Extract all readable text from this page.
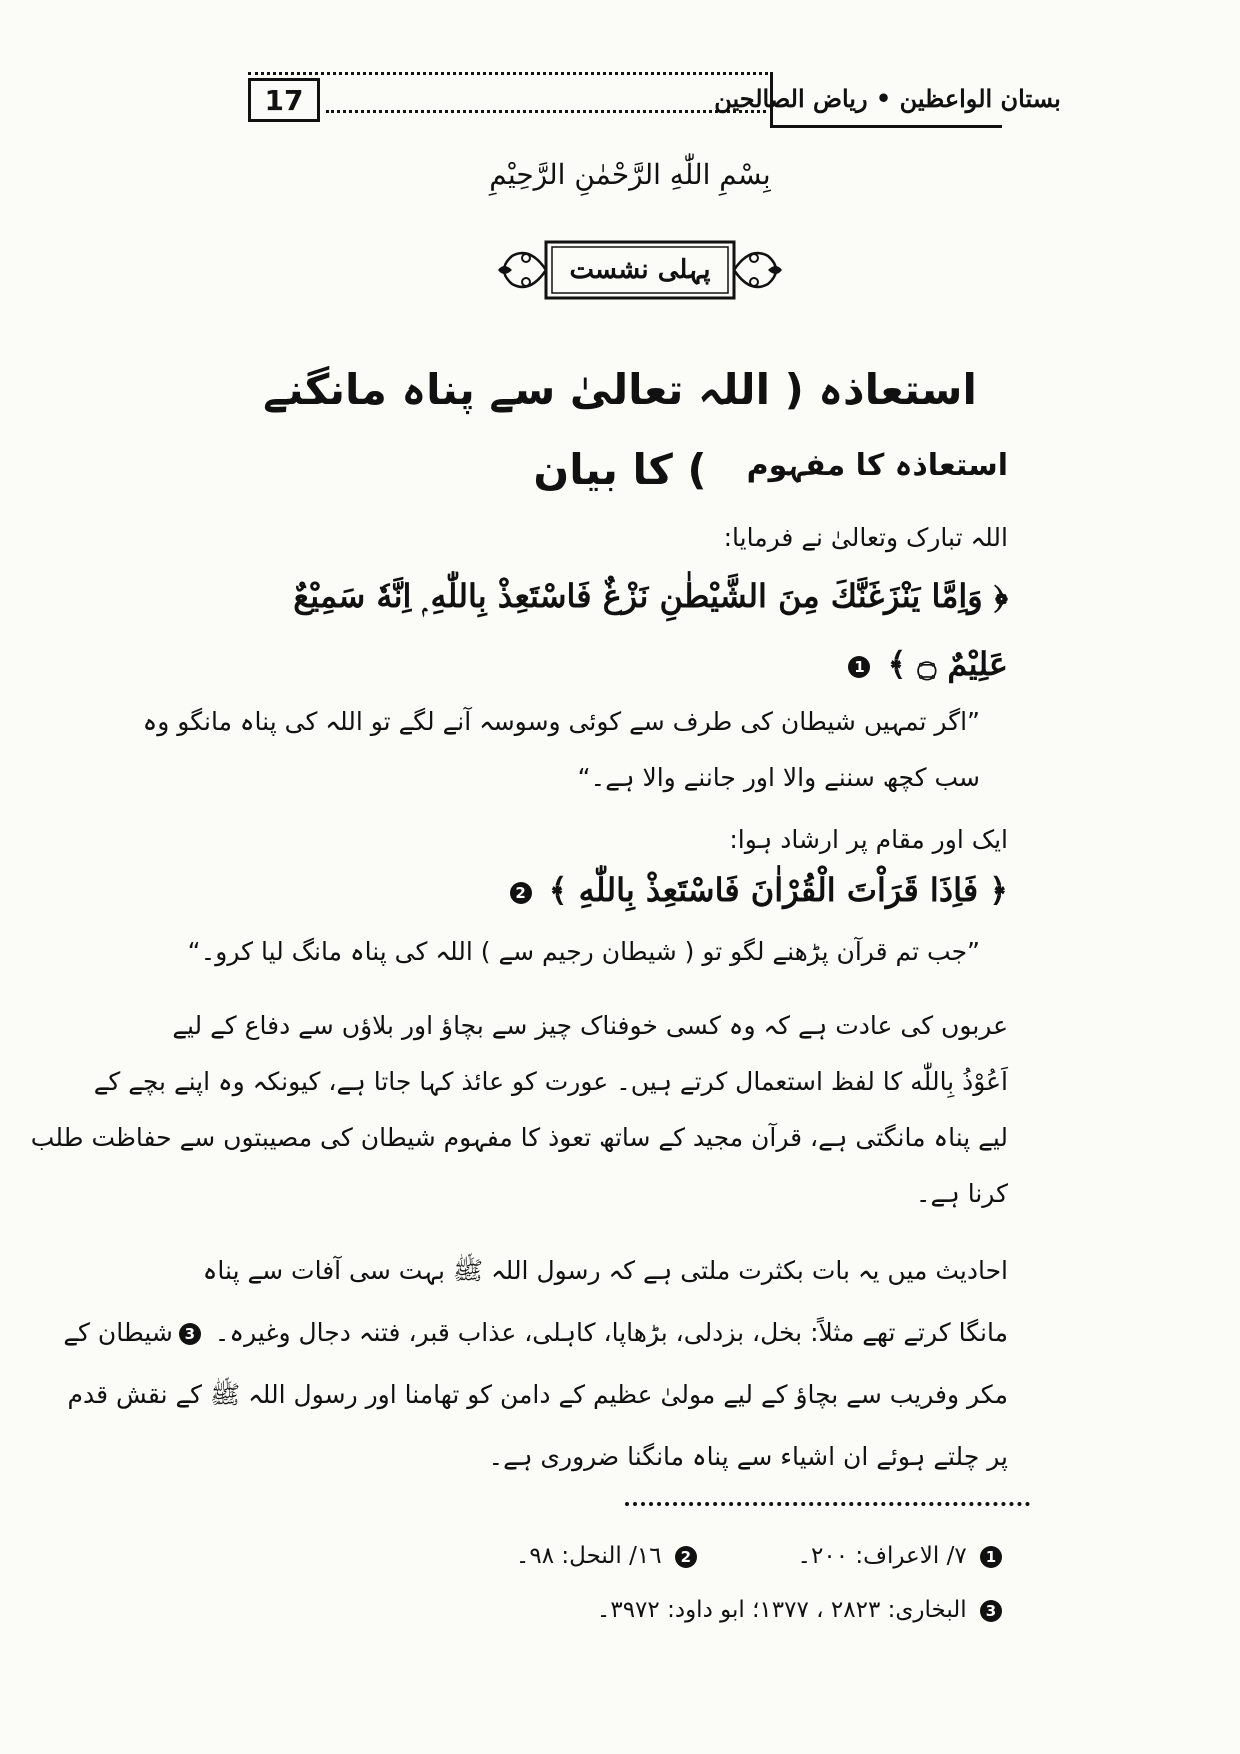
17	بستان الواعظین • ریاض الصالحین
بِسْمِ اللّٰهِ الرَّحْمٰنِ الرَّحِيْمِ
پہلی نشست
استعاذہ ( اللہ تعالیٰ سے پناہ مانگنے ) کا بیان	استعاذہ کا مفہوم
اللہ تبارک وتعالیٰ نے فرمایا:
﴿ وَاِمَّا يَنْزَغَنَّكَ مِنَ الشَّيْطٰنِ نَزْغٌ فَاسْتَعِذْ بِاللّٰهِ ۭ اِنَّهٗ سَمِيْعٌ
عَلِيْمٌ ۝ ﴾ 1
”اگر تمہیں شیطان کی طرف سے کوئی وسوسہ آنے لگے تو اللہ کی پناہ مانگو وہ
سب کچھ سننے والا اور جاننے والا ہے۔“
ایک اور مقام پر ارشاد ہوا:
﴿ فَاِذَا قَرَاْتَ الْقُرْاٰنَ فَاسْتَعِذْ بِاللّٰهِ ﴾ 2
”جب تم قرآن پڑھنے لگو تو ( شیطان رجیم سے ) اللہ کی پناہ مانگ لیا کرو۔“
عربوں کی عادت ہے کہ وہ کسی خوفناک چیز سے بچاؤ اور بلاؤں سے دفاع کے لیے
اَعُوْذُ بِاللّٰه کا لفظ استعمال کرتے ہیں۔ عورت کو عائذ کہا جاتا ہے، کیونکہ وہ اپنے بچے کے
لیے پناہ مانگتی ہے، قرآن مجید کے ساتھ تعوذ کا مفہوم شیطان کی مصیبتوں سے حفاظت طلب
کرنا ہے۔
احادیث میں یہ بات بکثرت ملتی ہے کہ رسول اللہ ﷺ بہت سی آفات سے پناہ
مانگا کرتے تھے مثلاً: بخل، بزدلی، بڑھاپا، کاہلی، عذاب قبر، فتنہ دجال وغیرہ۔ 3شیطان کے
مکر وفریب سے بچاؤ کے لیے مولیٰ عظیم کے دامن کو تھامنا اور رسول اللہ ﷺ کے نقش قدم
پر چلتے ہوئے ان اشیاء سے پناہ مانگنا ضروری ہے۔
1 ٧/ الاعراف: ٢٠٠۔  2 ١٦/ النحل: ٩٨۔
3 البخاری: ٢٨٢٣ ، ١٣٧٧؛ ابو داود: ٣٩٧٢۔
